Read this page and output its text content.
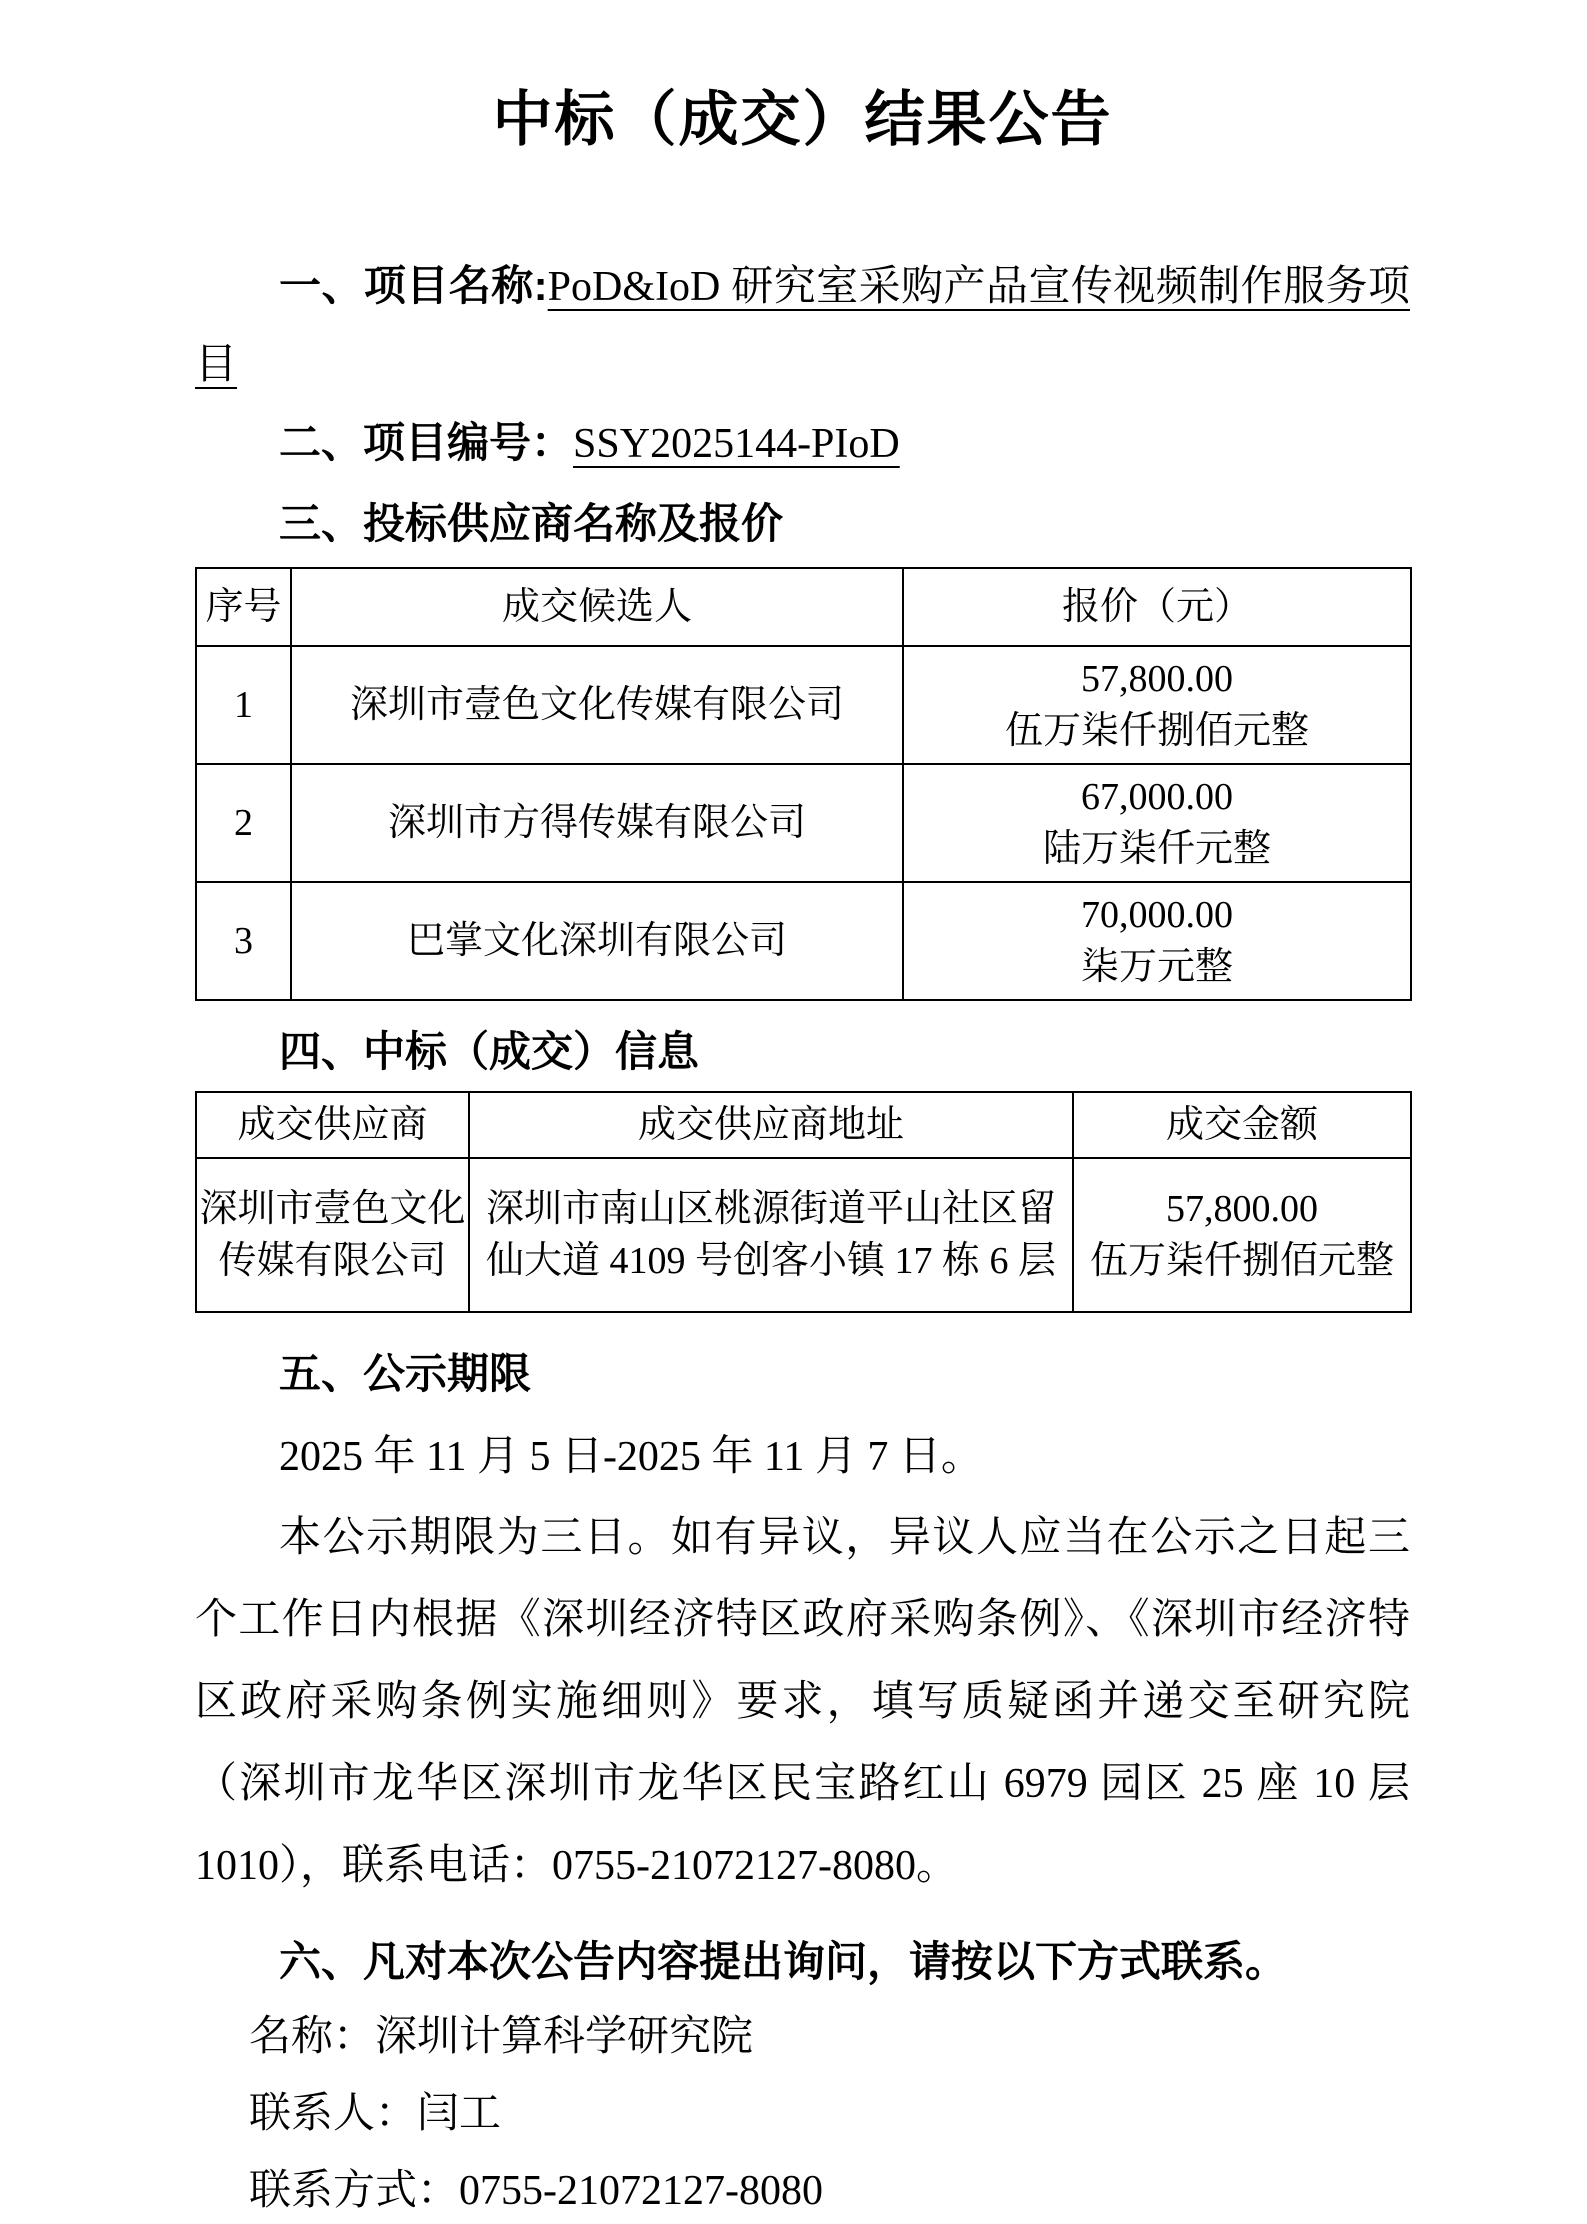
中标（成交）结果公告

一、项目名称:PoD&IoD 研究室采购产品宣传视频制作服务项目

二、项目编号：SSY2025144-PIoD

三、投标供应商名称及报价

序号	成交候选人	报价（元）
1	深圳市壹色文化传媒有限公司	57,800.00
伍万柒仟捌佰元整

2	深圳市方得传媒有限公司	67,000.00
陆万柒仟元整

3	巴掌文化深圳有限公司	70,000.00
柒万元整

四、中标（成交）信息

成交供应商	成交供应商地址	成交金额
深圳市壹色文化传媒有限公司	深圳市南山区桃源街道平山社区留仙大道 4109 号创客小镇 17 栋 6 层	57,800.00
伍万柒仟捌佰元整

五、公示期限

2025 年 11 月 5 日-2025 年 11 月 7 日。

本公示期限为三日。如有异议，异议人应当在公示之日起三个工作日内根据《深圳经济特区政府采购条例》、《深圳市经济特区政府采购条例实施细则》要求，填写质疑函并递交至研究院（深圳市龙华区深圳市龙华区民宝路红山 6979 园区 25 座 10 层 1010），联系电话：0755-21072127-8080。

六、凡对本次公告内容提出询问，请按以下方式联系。

名称：深圳计算科学研究院

联系人：闫工

联系方式：0755-21072127-8080
